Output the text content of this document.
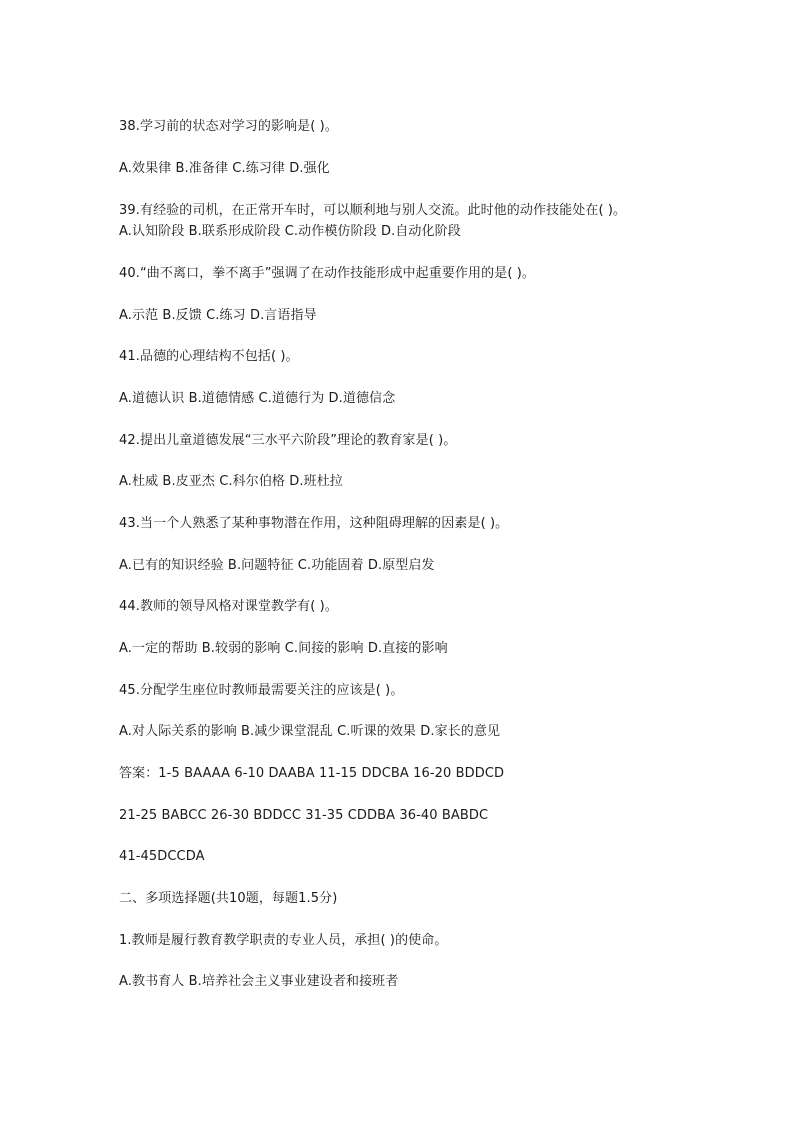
38.学习前的状态对学习的影响是( )。
A.效果律 B.准备律 C.练习律 D.强化
39.有经验的司机，在正常开车时，可以顺利地与别人交流。此时他的动作技能处在( )。
A.认知阶段 B.联系形成阶段 C.动作模仿阶段 D.自动化阶段
40.“曲不离口，拳不离手”强调了在动作技能形成中起重要作用的是( )。
A.示范 B.反馈 C.练习 D.言语指导
41.品德的心理结构不包括( )。
A.道德认识 B.道德情感 C.道德行为 D.道德信念
42.提出儿童道德发展“三水平六阶段”理论的教育家是( )。
A.杜威 B.皮亚杰 C.科尔伯格 D.班杜拉
43.当一个人熟悉了某种事物潜在作用，这种阻碍理解的因素是( )。
A.已有的知识经验 B.问题特征 C.功能固着 D.原型启发
44.教师的领导风格对课堂教学有( )。
A.一定的帮助 B.较弱的影响 C.间接的影响 D.直接的影响
45.分配学生座位时教师最需要关注的应该是( )。
A.对人际关系的影响 B.减少课堂混乱 C.听课的效果 D.家长的意见
答案：1-5 BAAAA 6-10 DAABA 11-15 DDCBA 16-20 BDDCD
21-25 BABCC 26-30 BDDCC 31-35 CDDBA 36-40 BABDC
41-45DCCDA
二、多项选择题(共10题，每题1.5分)
1.教师是履行教育教学职责的专业人员，承担( )的使命。
A.教书育人 B.培养社会主义事业建设者和接班者
